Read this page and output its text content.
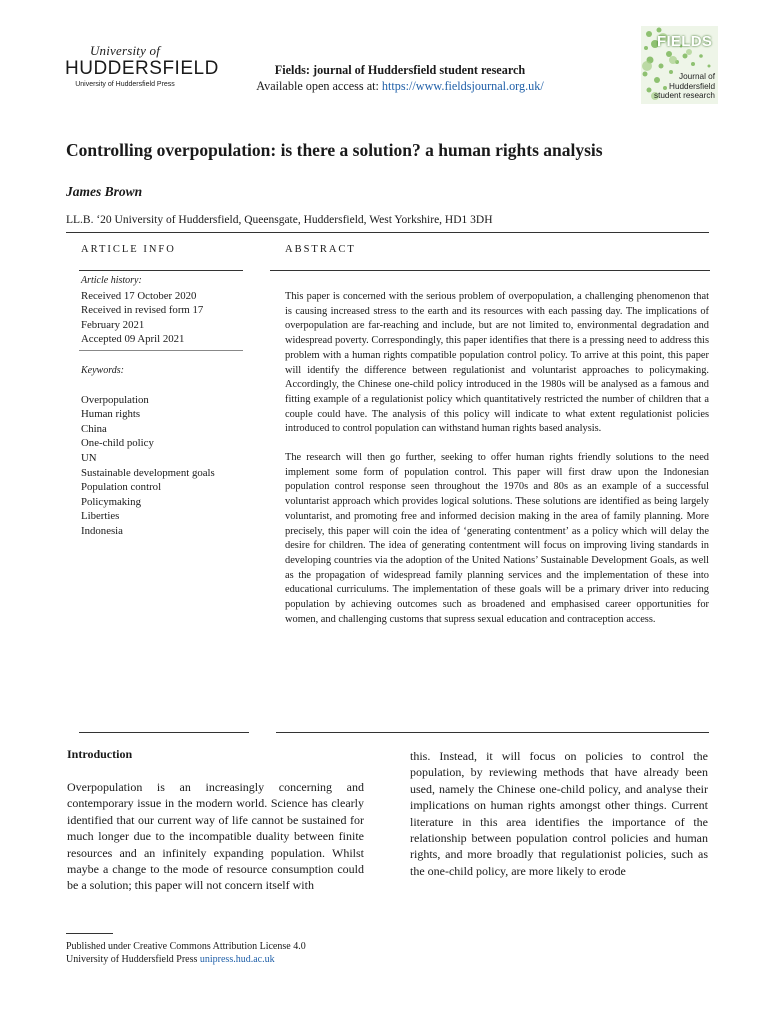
University of
HUDDERSFIELD
University of Huddersfield Press
Fields: journal of Huddersfield student research
Available open access at: https://www.fieldsjournal.org.uk/
FIELDS
Journal of
Huddersfield
student research
Controlling overpopulation: is there a solution? a human rights analysis
James Brown
LL.B. ‘20 University of Huddersfield, Queensgate, Huddersfield, West Yorkshire, HD1 3DH
ARTICLE INFO
Article history:
Received 17 October 2020
Received in revised form 17
February 2021
Accepted 09 April 2021
Keywords:
Overpopulation
Human rights
China
One-child policy
UN
Sustainable development goals
Population control
Policymaking
Liberties
Indonesia
ABSTRACT

This paper is concerned with the serious problem of overpopulation, a challenging phenomenon that is causing increased stress to the earth and its resources with each passing day. The implications of overpopulation are far-reaching and include, but are not limited to, environmental degradation and widespread poverty. Correspondingly, this paper identifies that there is a pressing need to address this problem with a human rights compatible population control policy. To arrive at this point, this paper will identify the difference between regulationist and voluntarist approaches to policymaking. Accordingly, the Chinese one-child policy introduced in the 1980s will be analysed as a famous and fitting example of a regulationist policy which quantitatively restricted the number of children that a couple could have. The analysis of this policy will indicate to what extent regulationist policies introduced to control population can withstand human rights based analysis.

The research will then go further, seeking to offer human rights friendly solutions to the need implement some form of population control. This paper will first draw upon the Indonesian population control response seen throughout the 1970s and 80s as an example of a successful voluntarist approach which provides logical solutions. These solutions are identified as being largely voluntarist, and promoting free and informed decision making in the area of family planning. More precisely, this paper will coin the idea of ‘generating contentment’ as a policy which will delay the desire for children. The idea of generating contentment will focus on improving living standards in developing countries via the adoption of the United Nations’ Sustainable Development Goals, as well as the propagation of widespread family planning services and the implementation of these into educational curriculums. The implementation of these goals will be a primary driver into reducing population by achieving outcomes such as broadened and emphasised career opportunities for women, and challenging customs that supress sexual education and contraception access.

Introduction

Overpopulation is an increasingly concerning and contemporary issue in the modern world. Science has clearly identified that our current way of life cannot be sustained for much longer due to the incompatible duality between finite resources and an infinitely expanding population. Whilst maybe a change to the mode of resource consumption could be a solution; this paper will not concern itself with

this. Instead, it will focus on policies to control the population, by reviewing methods that have already been used, namely the Chinese one-child policy, and analyse their implications on human rights amongst other things. Current literature in this area identifies the importance of the relationship between population control policies and human rights, and more broadly that regulationist policies, such as the one-child policy, are more likely to erode

Published under Creative Commons Attribution License 4.0
University of Huddersfield Press unipress.hud.ac.uk
